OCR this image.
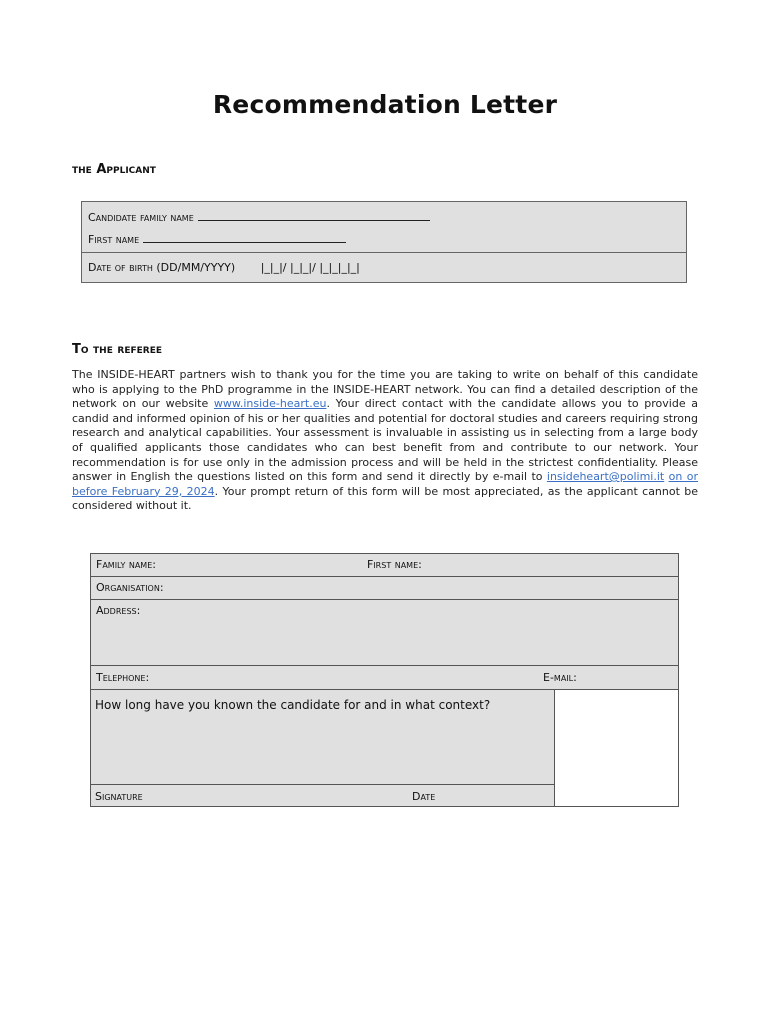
Recommendation Letter
the Applicant
Candidate family name
First name
Date of birth (DD/MM/YYYY) |_|_|/ |_|_|/ |_|_|_|_|
To the referee
The INSIDE-HEART partners wish to thank you for the time you are taking to write on behalf of this candidate who is applying to the PhD programme in the INSIDE-HEART network. You can find a detailed description of the network on our website www.inside-heart.eu. Your direct contact with the candidate allows you to provide a candid and informed opinion of his or her qualities and potential for doctoral studies and careers requiring strong research and analytical capabilities. Your assessment is invaluable in assisting us in selecting from a large body of qualified applicants those candidates who can best benefit from and contribute to our network. Your recommendation is for use only in the admission process and will be held in the strictest confidentiality. Please answer in English the questions listed on this form and send it directly by e-mail to insideheart@polimi.it on or before February 29, 2024. Your prompt return of this form will be most appreciated, as the applicant cannot be considered without it.
Family name:	First name:
Organisation:
Address:
Telephone:	E-mail:
How long have you known the candidate for and in what context?
Signature	Date
